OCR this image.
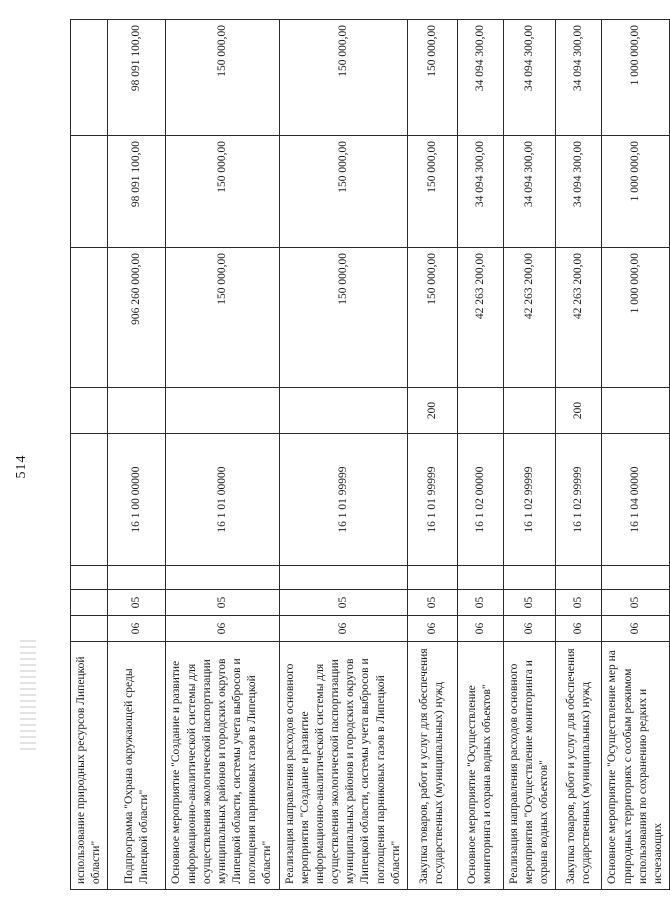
514
использование природных ресурсов Липецкой области"								
Подпрограмма "Охрана окружающей среды Липецкой области"	06	05		16 1 00 00000		906 260 000,00	98 091 100,00	98 091 100,00
Основное мероприятие "Создание и развитие информационно-аналитической системы для осуществления экологической паспортизации муниципальных районов и городских округов Липецкой области, системы учета выбросов и поглощения парниковых газов в Липецкой области"	06	05		16 1 01 00000		150 000,00	150 000,00	150 000,00
Реализация направления расходов основного мероприятия "Создание и развитие информационно-аналитической системы для осуществления экологической паспортизации муниципальных районов и городских округов Липецкой области, системы учета выбросов и поглощения парниковых газов в Липецкой области"	06	05		16 1 01 99999		150 000,00	150 000,00	150 000,00
Закупка товаров, работ и услуг для обеспечения государственных (муниципальных) нужд	06	05		16 1 01 99999	200	150 000,00	150 000,00	150 000,00
Основное мероприятие "Осуществление мониторинга и охрана водных объектов"	06	05		16 1 02 00000		42 263 200,00	34 094 300,00	34 094 300,00
Реализация направления расходов основного мероприятия "Осуществление мониторинга и охрана водных объектов"	06	05		16 1 02 99999		42 263 200,00	34 094 300,00	34 094 300,00
Закупка товаров, работ и услуг для обеспечения государственных (муниципальных) нужд	06	05		16 1 02 99999	200	42 263 200,00	34 094 300,00	34 094 300,00
Основное мероприятие "Осуществление мер на природных территориях с особым режимом использования по сохранению редких и исчезающих	06	05		16 1 04 00000		1 000 000,00	1 000 000,00	1 000 000,00
